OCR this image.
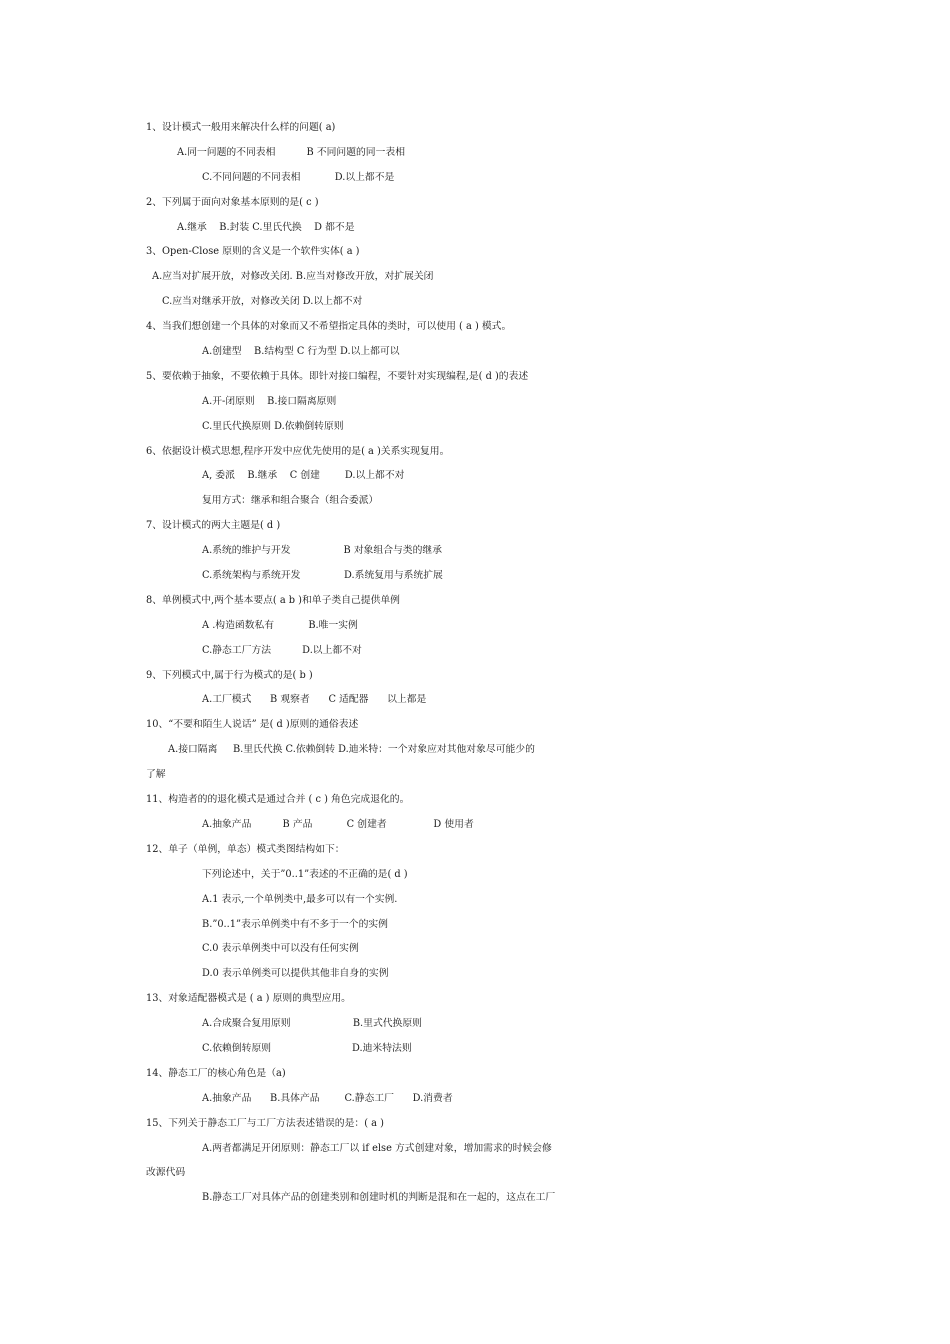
1、设计模式一般用来解决什么样的问题( a)
A.同一问题的不同表相          B 不同问题的同一表相
C.不同问题的不同表相           D.以上都不是
2、下列属于面向对象基本原则的是( c )
A.继承    B.封装 C.里氏代换    D 都不是
3、Open-Close 原则的含义是一个软件实体( a )
A.应当对扩展开放，对修改关闭. B.应当对修改开放，对扩展关闭
C.应当对继承开放，对修改关闭 D.以上都不对
4、当我们想创建一个具体的对象而又不希望指定具体的类时，可以使用 ( a ) 模式。
A.创建型    B.结构型 C 行为型 D.以上都可以
5、要依赖于抽象，不要依赖于具体。即针对接口编程，不要针对实现编程,是( d )的表述
A.开-闭原则    B.接口隔离原则
C.里氏代换原则 D.依赖倒转原则
6、依据设计模式思想,程序开发中应优先使用的是( a )关系实现复用。
A, 委派    B.继承    C 创建        D.以上都不对
复用方式：继承和组合聚合（组合委派）
7、设计模式的两大主题是( d )
A.系统的维护与开发                 B 对象组合与类的继承
C.系统架构与系统开发              D.系统复用与系统扩展
8、单例模式中,两个基本要点( a b )和单子类自己提供单例
A .构造函数私有           B.唯一实例
C.静态工厂方法          D.以上都不对
9、下列模式中,属于行为模式的是( b )
A.工厂模式      B 观察者      C 适配器      以上都是
10、“不要和陌生人说话” 是( d )原则的通俗表述
A.接口隔离     B.里氏代换 C.依赖倒转 D.迪米特：一个对象应对其他对象尽可能少的
了解
11、构造者的的退化模式是通过合并 ( c ) 角色完成退化的。
A.抽象产品          B 产品           C 创建者               D 使用者
12、单子（单例，单态）模式类图结构如下：
下列论述中，关于”0..1”表述的不正确的是( d )
A.1 表示,一个单例类中,最多可以有一个实例.
B.”0..1”表示单例类中有不多于一个的实例
C.0 表示单例类中可以没有任何实例
D.0 表示单例类可以提供其他非自身的实例
13、对象适配器模式是 ( a ) 原则的典型应用。
A.合成聚合复用原则                    B.里式代换原则
C.依赖倒转原则                          D.迪米特法则
14、静态工厂的核心角色是（a)
A.抽象产品      B.具体产品        C.静态工厂      D.消费者
15、下列关于静态工厂与工厂方法表述错误的是：( a )
A.两者都满足开闭原则：静态工厂以 if else 方式创建对象，增加需求的时候会修
改源代码
B.静态工厂对具体产品的创建类别和创建时机的判断是混和在一起的，这点在工厂
